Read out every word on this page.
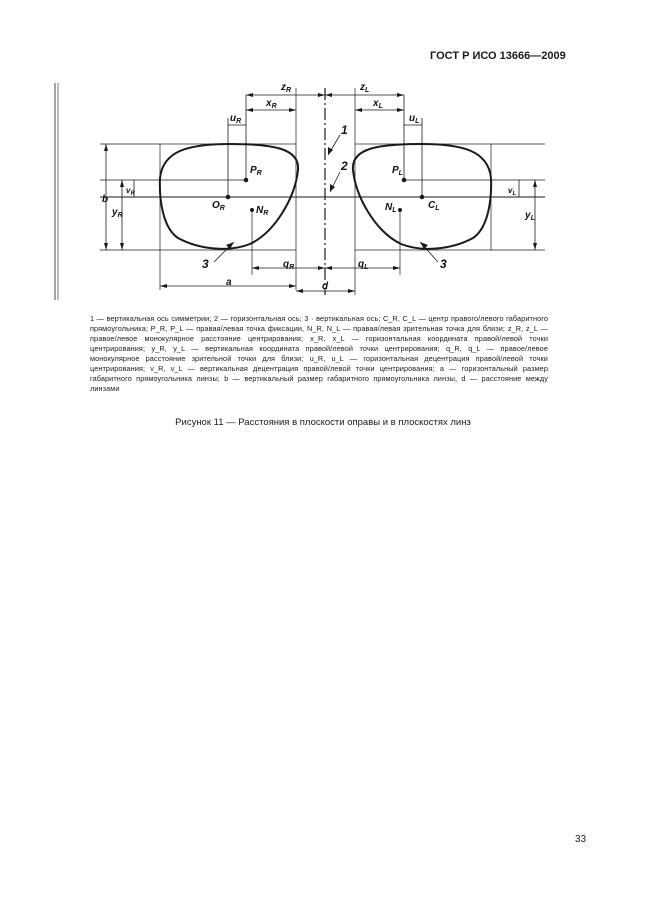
ГОСТ Р ИСО 13666—2009
$z_R$	$z_L$
$x_R$	$x_L$
$u_R$	$u_L$
$P_R$	$P_L$
$O_R$	$N_R$
$N_L$	$C_L$
b
$y_R$
$v_R$	$v_L$
$y_L$
$q_R$	$q_L$
a	d
1
2
3	3
1 — вертикальная ось симметрии; 2 — горизонтальная ось; 3 · вертикальная ось; C_R, C_L — центр правого/левого габаритного прямоугольника; P_R, P_L — правая/левая точка фиксации, N_R, N_L — правая/левая зрительная точка для близи; z_R, z_L — правое/левое монокулярное расстояние центрирования; x_R, x_L — горизонтальная координата правой/левой точки центрирования; y_R, y_L — вертикальная координата правой/левой точки центрирования; q_R, q_L — правое/левое монокулярное расстояние зрительной точки для близи; u_R, u_L — горизонтальная децентрация правой/левой точки центрирования; v_R, v_L — вертикальная децентрация правой/левой точки центрирования; a — горизонтальный размер габаритного прямоугольника линзы; b — вертикальный размер габаритного прямоугольника линзы, d — расстояние между линзами
Рисунок 11 — Расстояния в плоскости оправы и в плоскостях линз
33
